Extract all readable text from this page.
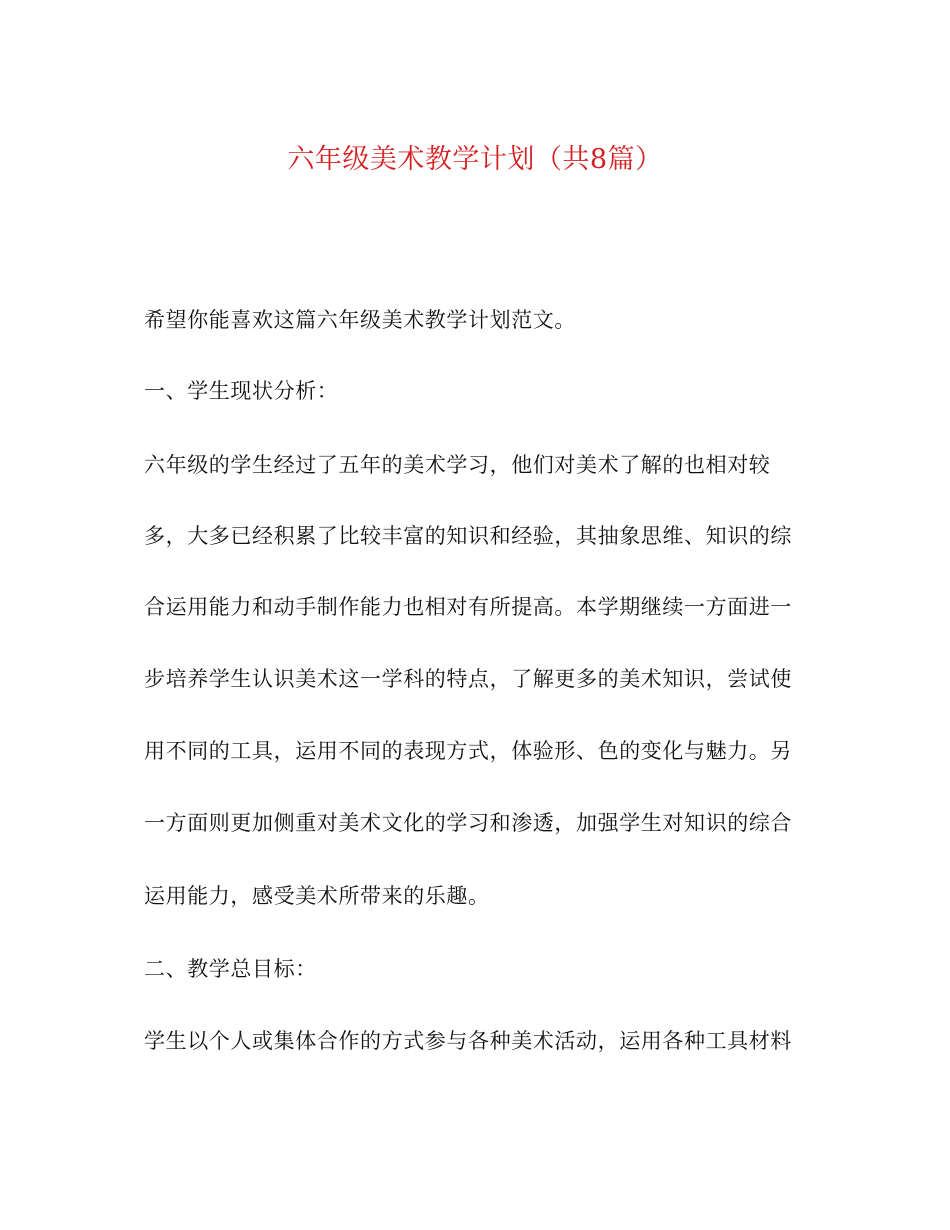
六年级美术教学计划（共8篇）

希望你能喜欢这篇六年级美术教学计划范文。

一、学生现状分析：

六年级的学生经过了五年的美术学习，他们对美术了解的也相对较

多，大多已经积累了比较丰富的知识和经验，其抽象思维、知识的综

合运用能力和动手制作能力也相对有所提高。本学期继续一方面进一

步培养学生认识美术这一学科的特点，了解更多的美术知识，尝试使

用不同的工具，运用不同的表现方式，体验形、色的变化与魅力。另

一方面则更加侧重对美术文化的学习和渗透，加强学生对知识的综合

运用能力，感受美术所带来的乐趣。

二、教学总目标：

学生以个人或集体合作的方式参与各种美术活动，运用各种工具材料
